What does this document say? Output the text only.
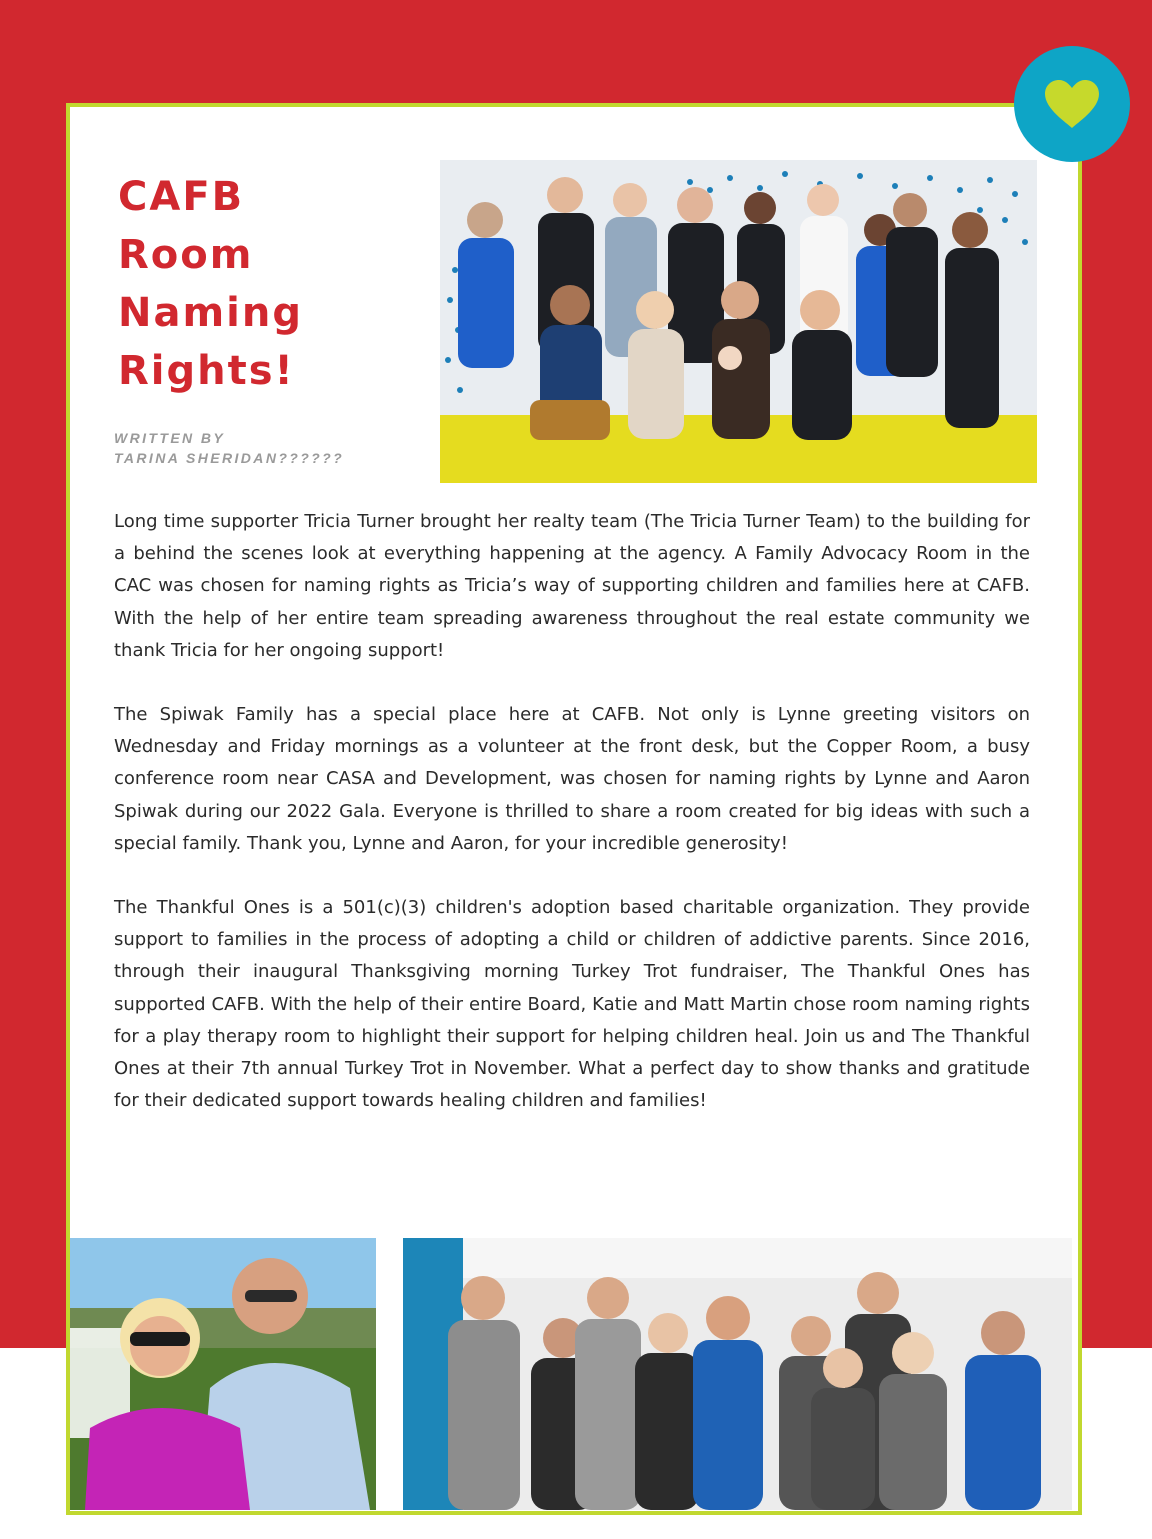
CAFB
Room
Naming
Rights!
WRITTEN BY
TARINA SHERIDAN??????

Long time supporter Tricia Turner brought her realty team (The Tricia Turner Team) to the building for a behind the scenes look at everything happening at the agency. A Family Advocacy Room in the CAC was chosen for naming rights as Tricia’s way of supporting children and families here at CAFB. With the help of her entire team spreading awareness throughout the real estate community we thank Tricia for her ongoing support!

The Spiwak Family has a special place here at CAFB. Not only is Lynne greeting visitors on Wednesday and Friday mornings as a volunteer at the front desk, but the Copper Room, a busy conference room near CASA and Development, was chosen for naming rights by Lynne and Aaron Spiwak during our 2022 Gala. Everyone is thrilled to share a room created for big ideas with such a special family. Thank you, Lynne and Aaron, for your incredible generosity!

The Thankful Ones is a 501(c)(3) children's adoption based charitable organization. They provide support to families in the process of adopting a child or children of addictive parents. Since 2016, through their inaugural Thanksgiving morning Turkey Trot fundraiser, The Thankful Ones has supported CAFB. With the help of their entire Board, Katie and Matt Martin chose room naming rights for a play therapy room to highlight their support for helping children heal. Join us and The Thankful Ones at their 7th annual Turkey Trot in November. What a perfect day to show thanks and gratitude for their dedicated support towards healing children and families!
